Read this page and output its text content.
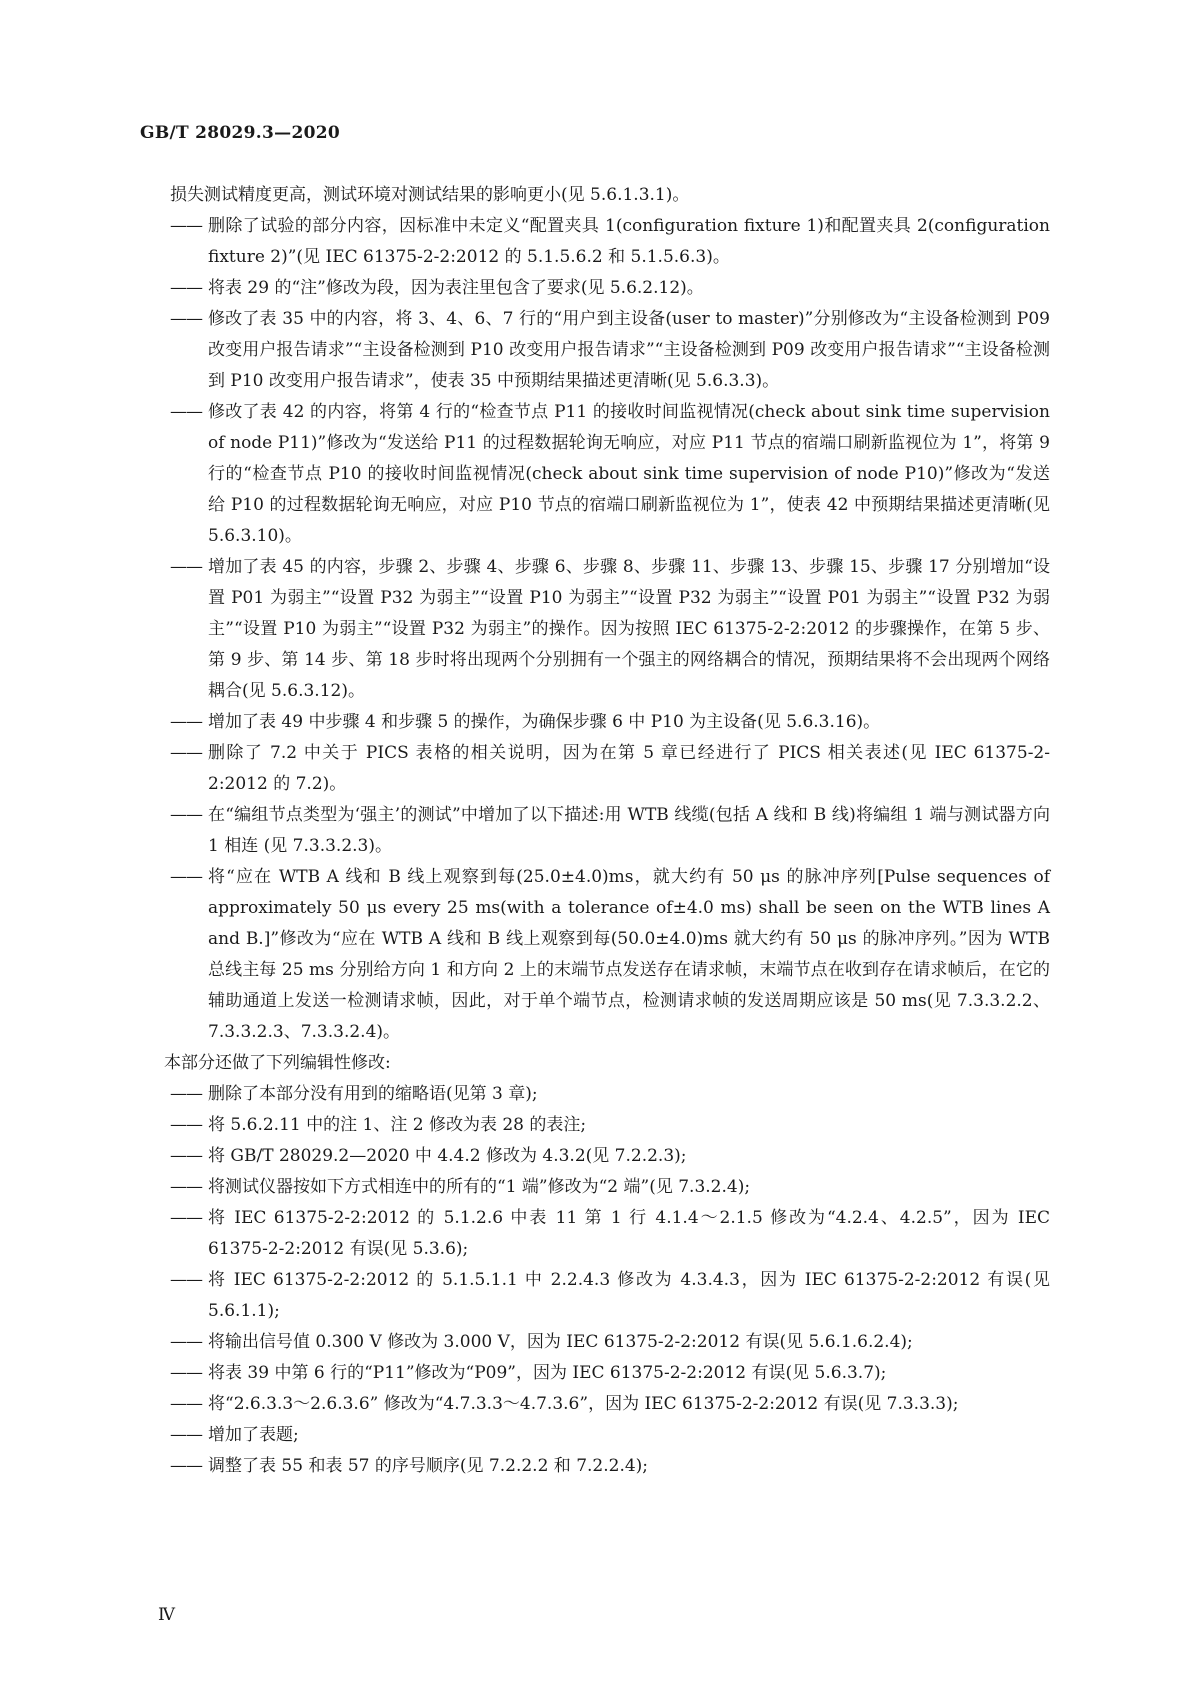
GB/T 28029.3—2020
损失测试精度更高，测试环境对测试结果的影响更小(见 5.6.1.3.1)。
—— 删除了试验的部分内容，因标准中未定义“配置夹具 1(configuration fixture 1)和配置夹具 2(configuration fixture 2)”(见 IEC 61375-2-2:2012 的 5.1.5.6.2 和 5.1.5.6.3)。
—— 将表 29 的“注”修改为段，因为表注里包含了要求(见 5.6.2.12)。
—— 修改了表 35 中的内容，将 3、4、6、7 行的“用户到主设备(user to master)”分别修改为“主设备检测到 P09 改变用户报告请求”“主设备检测到 P10 改变用户报告请求”“主设备检测到 P09 改变用户报告请求”“主设备检测到 P10 改变用户报告请求”，使表 35 中预期结果描述更清晰(见 5.6.3.3)。
—— 修改了表 42 的内容，将第 4 行的“检查节点 P11 的接收时间监视情况(check about sink time supervision of node P11)”修改为“发送给 P11 的过程数据轮询无响应，对应 P11 节点的宿端口刷新监视位为 1”，将第 9 行的“检查节点 P10 的接收时间监视情况(check about sink time supervision of node P10)”修改为“发送给 P10 的过程数据轮询无响应，对应 P10 节点的宿端口刷新监视位为 1”，使表 42 中预期结果描述更清晰(见 5.6.3.10)。
—— 增加了表 45 的内容，步骤 2、步骤 4、步骤 6、步骤 8、步骤 11、步骤 13、步骤 15、步骤 17 分别增加“设置 P01 为弱主”“设置 P32 为弱主”“设置 P10 为弱主”“设置 P32 为弱主”“设置 P01 为弱主”“设置 P32 为弱主”“设置 P10 为弱主”“设置 P32 为弱主”的操作。因为按照 IEC 61375-2-2:2012 的步骤操作，在第 5 步、第 9 步、第 14 步、第 18 步时将出现两个分别拥有一个强主的网络耦合的情况，预期结果将不会出现两个网络耦合(见 5.6.3.12)。
—— 增加了表 49 中步骤 4 和步骤 5 的操作，为确保步骤 6 中 P10 为主设备(见 5.6.3.16)。
—— 删除了 7.2 中关于 PICS 表格的相关说明，因为在第 5 章已经进行了 PICS 相关表述(见 IEC 61375-2-2:2012 的 7.2)。
—— 在“编组节点类型为‘强主’的测试”中增加了以下描述:用 WTB 线缆(包括 A 线和 B 线)将编组 1 端与测试器方向 1 相连 (见 7.3.3.2.3)。
—— 将“应在 WTB A 线和 B 线上观察到每(25.0±4.0)ms，就大约有 50 μs 的脉冲序列[Pulse sequences of approximately 50 μs every 25 ms(with a tolerance of±4.0 ms) shall be seen on the WTB lines A and B.]”修改为“应在 WTB A 线和 B 线上观察到每(50.0±4.0)ms 就大约有 50 μs 的脉冲序列。”因为 WTB 总线主每 25 ms 分别给方向 1 和方向 2 上的末端节点发送存在请求帧，末端节点在收到存在请求帧后，在它的辅助通道上发送一检测请求帧，因此，对于单个端节点，检测请求帧的发送周期应该是 50 ms(见 7.3.3.2.2、7.3.3.2.3、7.3.3.2.4)。
本部分还做了下列编辑性修改:
—— 删除了本部分没有用到的缩略语(见第 3 章);
—— 将 5.6.2.11 中的注 1、注 2 修改为表 28 的表注;
—— 将 GB/T 28029.2—2020 中 4.4.2 修改为 4.3.2(见 7.2.2.3);
—— 将测试仪器按如下方式相连中的所有的“1 端”修改为“2 端”(见 7.3.2.4);
—— 将 IEC 61375-2-2:2012 的 5.1.2.6 中表 11 第 1 行 4.1.4～2.1.5 修改为“4.2.4、4.2.5”，因为 IEC 61375-2-2:2012 有误(见 5.3.6);
—— 将 IEC 61375-2-2:2012 的 5.1.5.1.1 中 2.2.4.3 修改为 4.3.4.3，因为 IEC 61375-2-2:2012 有误(见 5.6.1.1);
—— 将输出信号值 0.300 V 修改为 3.000 V，因为 IEC 61375-2-2:2012 有误(见 5.6.1.6.2.4);
—— 将表 39 中第 6 行的“P11”修改为“P09”，因为 IEC 61375-2-2:2012 有误(见 5.6.3.7);
—— 将“2.6.3.3～2.6.3.6” 修改为“4.7.3.3～4.7.3.6”，因为 IEC 61375-2-2:2012 有误(见 7.3.3.3);
—— 增加了表题;
—— 调整了表 55 和表 57 的序号顺序(见 7.2.2.2 和 7.2.2.4);
Ⅳ
